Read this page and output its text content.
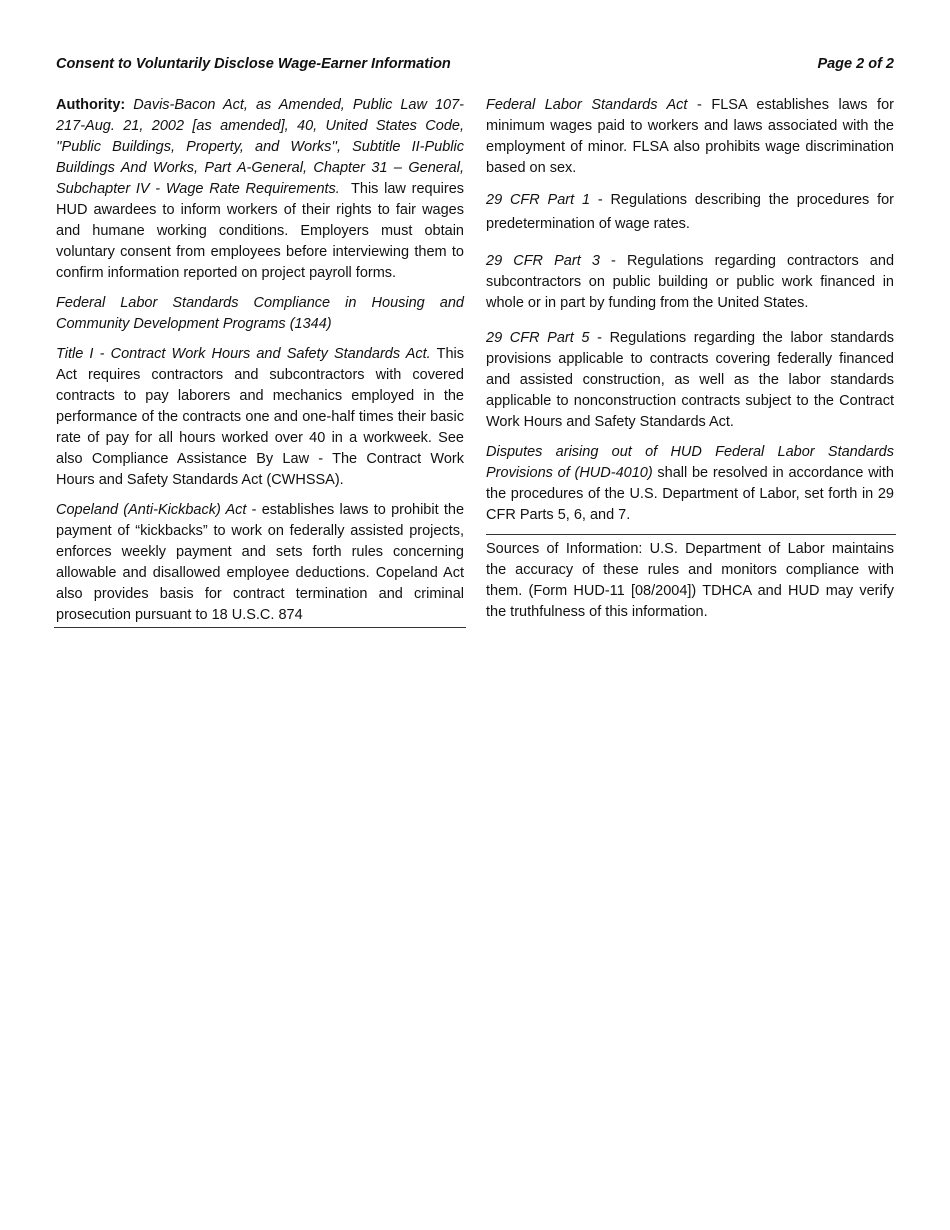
Consent to Voluntarily Disclose Wage-Earner Information	Page 2 of 2

Authority: Davis-Bacon Act, as Amended, Public Law 107-217-Aug. 21, 2002 [as amended], 40, United States Code, ''Public Buildings, Property, and Works'', Subtitle II-Public Buildings And Works, Part A-General, Chapter 31 – General, Subchapter IV - Wage Rate Requirements. This law requires HUD awardees to inform workers of their rights to fair wages and humane working conditions. Employers must obtain voluntary consent from employees before interviewing them to confirm information reported on project payroll forms.

Federal Labor Standards Compliance in Housing and Community Development Programs (1344)

Title I - Contract Work Hours and Safety Standards Act. This Act requires contractors and subcontractors with covered contracts to pay laborers and mechanics employed in the performance of the contracts one and one-half times their basic rate of pay for all hours worked over 40 in a workweek. See also Compliance Assistance By Law - The Contract Work Hours and Safety Standards Act (CWHSSA).

Copeland (Anti-Kickback) Act - establishes laws to prohibit the payment of “kickbacks” to work on federally assisted projects, enforces weekly payment and sets forth rules concerning allowable and disallowed employee deductions. Copeland Act also provides basis for contract termination and criminal prosecution pursuant to 18 U.S.C. 874

Federal Labor Standards Act - FLSA establishes laws for minimum wages paid to workers and laws associated with the employment of minor. FLSA also prohibits wage discrimination based on sex.

29 CFR Part 1 - Regulations describing the procedures for predetermination of wage rates.

29 CFR Part 3 - Regulations regarding contractors and subcontractors on public building or public work financed in whole or in part by funding from the United States.

29 CFR Part 5 - Regulations regarding the labor standards provisions applicable to contracts covering federally financed and assisted construction, as well as the labor standards applicable to nonconstruction contracts subject to the Contract Work Hours and Safety Standards Act.

Disputes arising out of HUD Federal Labor Standards Provisions of (HUD-4010) shall be resolved in accordance with the procedures of the U.S. Department of Labor, set forth in 29 CFR Parts 5, 6, and 7.

Sources of Information: U.S. Department of Labor maintains the accuracy of these rules and monitors compliance with them. (Form HUD-11 [08/2004]) TDHCA and HUD may verify the truthfulness of this information.
